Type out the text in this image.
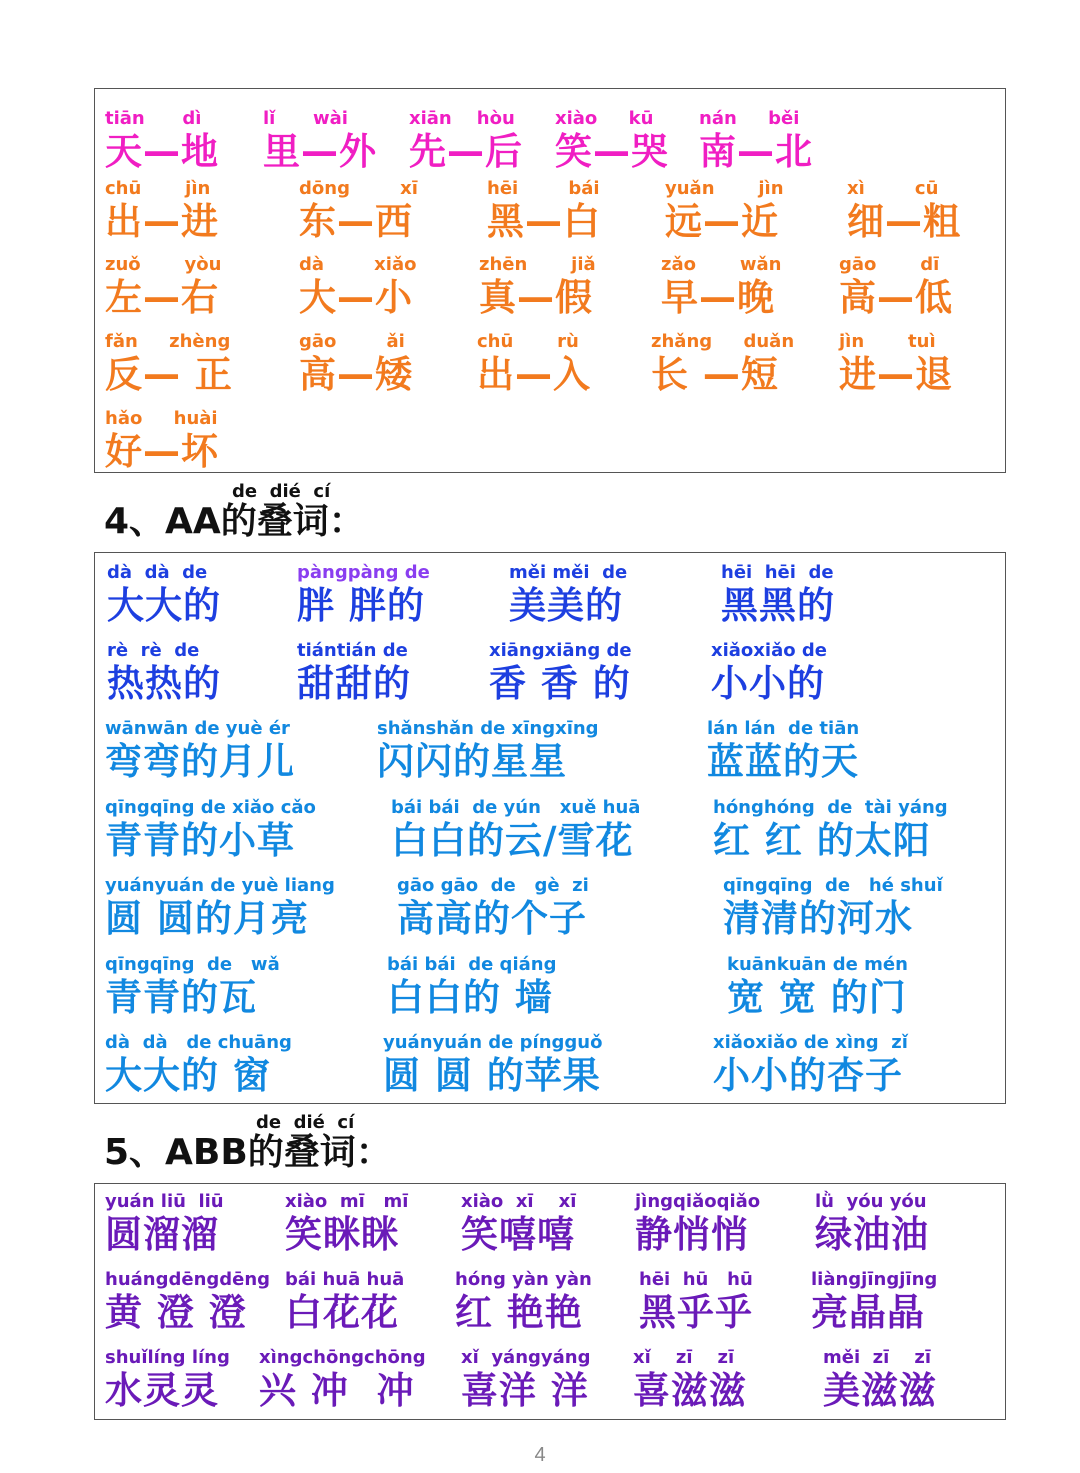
tiān      dì
天—地
lǐ      wài
里—外
xiān    hòu
先—后
xiào     kū
笑—哭
nán     běi
南—北
chū       jìn
出—进
dōng        xī
东—西
hēi        bái
黑—白
yuǎn       jìn
远—近
xì        cū
细—粗
zuǒ       yòu
左—右
dà        xiǎo
大—小
zhēn       jiǎ
真—假
zǎo       wǎn
早—晚
gāo       dī
高—低
fǎn     zhèng
反— 正
gāo        ǎi
高—矮
chū       rù
出—入
zhǎng     duǎn
长 —短
jìn       tuì
进—退
hǎo     huài
好—坏
de  dié  cí
4、AA的叠词：
dà  dà  de
大大的
pàngpàng de
胖 胖的
měi měi  de
美美的
hēi  hēi  de
黑黑的
rè  rè  de
热热的
tiántián de
甜甜的
xiāngxiāng de
香 香 的
xiǎoxiǎo de
小小的
wānwān de yuè ér
弯弯的月儿
shǎnshǎn de xīngxīng
闪闪的星星
lán lán  de tiān
蓝蓝的天
qīngqīng de xiǎo cǎo
青青的小草
bái bái  de yún   xuě huā
白白的云/雪花
hónghóng  de  tài yáng
红 红 的太阳
yuányuán de yuè liang
圆 圆的月亮
gāo gāo  de   gè  zi
高高的个子
qīngqīng  de   hé shuǐ
清清的河水
qīngqīng  de   wǎ
青青的瓦
bái bái  de qiáng
白白的 墙
kuānkuān de mén
宽 宽 的门
dà  dà   de chuāng
大大的 窗
yuányuán de píngguǒ
圆 圆 的苹果
xiǎoxiǎo de xìng  zǐ
小小的杏子
de  dié  cí
5、ABB的叠词：
yuán liū  liū
圆溜溜
xiào  mī   mī
笑眯眯
xiào  xī    xī
笑嘻嘻
jìngqiǎoqiǎo
静悄悄
lǜ  yóu yóu
绿油油
huángdēngdēng
黄 澄 澄
bái huā huā
白花花
hóng yàn yàn
红 艳艳
hēi  hū   hū
黑乎乎
liàngjīngjīng
亮晶晶
shuǐlíng líng
水灵灵
xìngchōngchōng
兴 冲  冲
xǐ  yángyáng
喜洋 洋
xǐ    zī    zī
喜滋滋
měi  zī    zī
美滋滋
4
